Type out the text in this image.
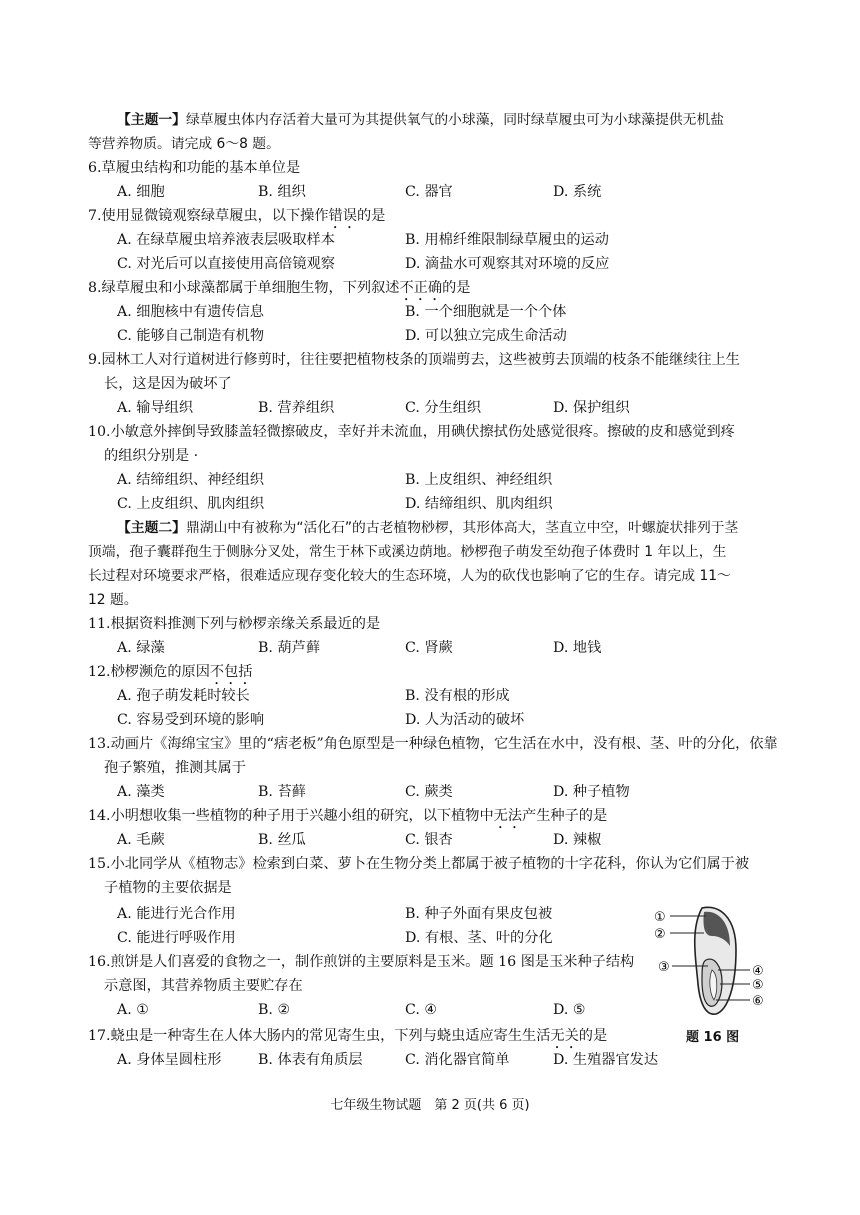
【主题一】绿草履虫体内存活着大量可为其提供氧气的小球藻，同时绿草履虫可为小球藻提供无机盐
等营养物质。请完成 6～8 题。
6.草履虫结构和功能的基本单位是
A. 细胞	B. 组织	C. 器官	D. 系统
7.使用显微镜观察绿草履虫，以下操作错误的是
A. 在绿草履虫培养液表层吸取样本	B. 用棉纤维限制绿草履虫的运动
C. 对光后可以直接使用高倍镜观察	D. 滴盐水可观察其对环境的反应
8.绿草履虫和小球藻都属于单细胞生物，下列叙述不正确的是
A. 细胞核中有遗传信息	B. 一个细胞就是一个个体
C. 能够自己制造有机物	D. 可以独立完成生命活动
9.园林工人对行道树进行修剪时，往往要把植物枝条的顶端剪去，这些被剪去顶端的枝条不能继续往上生
长，这是因为破坏了
A. 输导组织	B. 营养组织	C. 分生组织	D. 保护组织
10.小敏意外摔倒导致膝盖轻微擦破皮，幸好并未流血，用碘伏擦拭伤处感觉很疼。擦破的皮和感觉到疼
的组织分别是 ·
A. 结缔组织、神经组织	B. 上皮组织、神经组织
C. 上皮组织、肌肉组织	D. 结缔组织、肌肉组织
【主题二】鼎湖山中有被称为“活化石”的古老植物桫椤，其形体高大，茎直立中空，叶螺旋状排列于茎
顶端，孢子囊群孢生于侧脉分叉处，常生于林下或溪边荫地。桫椤孢子萌发至幼孢子体费时 1 年以上，生
长过程对环境要求严格，很难适应现存变化较大的生态环境，人为的砍伐也影响了它的生存。请完成 11～
12 题。
11.根据资料推测下列与桫椤亲缘关系最近的是
A. 绿藻	B. 葫芦藓	C. 肾蕨	D. 地钱
12.桫椤濒危的原因不包括
A. 孢子萌发耗时较长	B. 没有根的形成
C. 容易受到环境的影响	D. 人为活动的破坏
13.动画片《海绵宝宝》里的“痞老板”角色原型是一种绿色植物，它生活在水中，没有根、茎、叶的分化，依靠
孢子繁殖，推测其属于
A. 藻类	B. 苔藓	C. 蕨类	D. 种子植物
14.小明想收集一些植物的种子用于兴趣小组的研究，以下植物中无法产生种子的是
A. 毛蕨	B. 丝瓜	C. 银杏	D. 辣椒
15.小北同学从《植物志》检索到白菜、萝卜在生物分类上都属于被子植物的十字花科，你认为它们属于被
子植物的主要依据是
A. 能进行光合作用	B. 种子外面有果皮包被
C. 能进行呼吸作用	D. 有根、茎、叶的分化
16.煎饼是人们喜爱的食物之一，制作煎饼的主要原料是玉米。题 16 图是玉米种子结构
示意图，其营养物质主要贮存在
A. ①	B. ②	C. ④	D. ⑤
17.蛲虫是一种寄生在人体大肠内的常见寄生虫，下列与蛲虫适应寄生生活无关的是
A. 身体呈圆柱形	B. 体表有角质层	C. 消化器官简单	D. 生殖器官发达
①
②
③	④
⑤
⑥
题 16 图
七年级生物试题　第 2 页(共 6 页)
